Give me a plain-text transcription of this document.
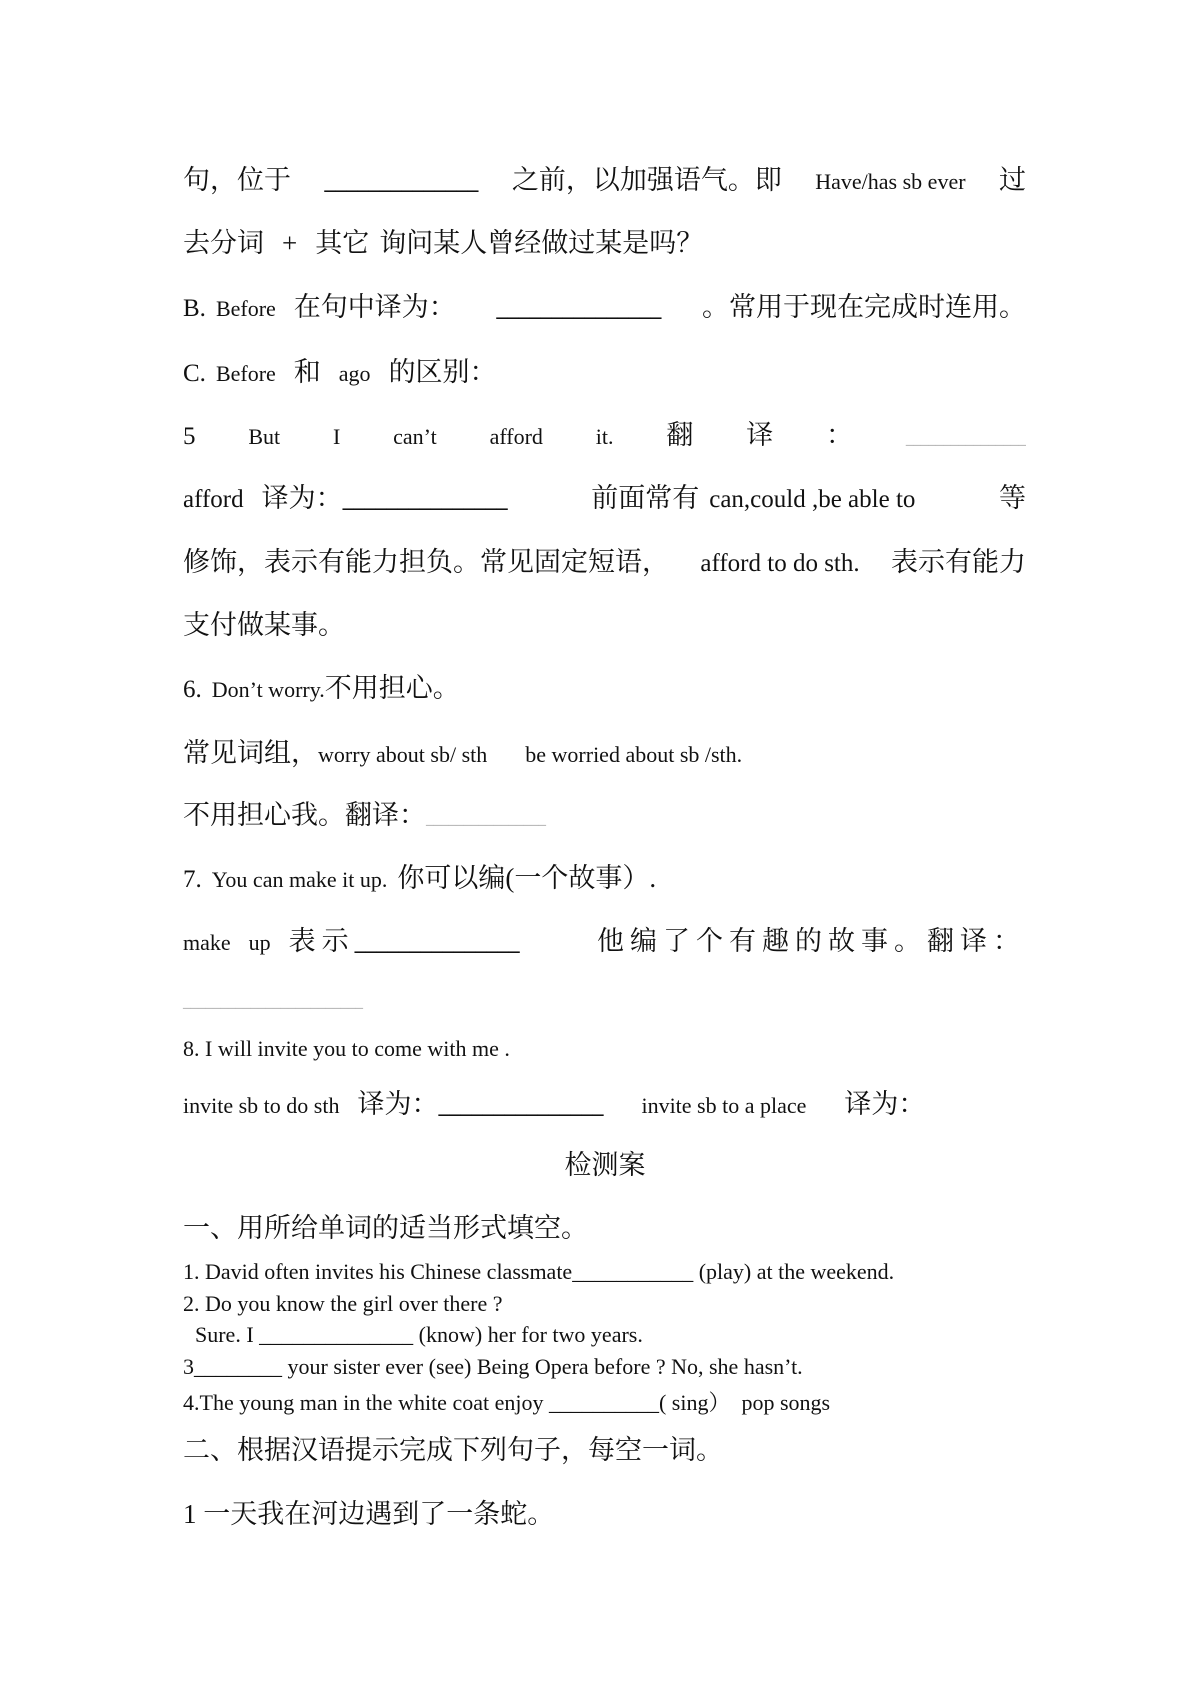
句，位于 ______________ 之前，以加强语气。即 Have/has sb ever 过
去分词 + 其它 询问某人曾经做过某是吗？
B. Before 在句中译为： _______________ 。常用于现在完成时连用。
C. Before 和 ago 的区别：
5 But I can’t afford it. 翻 译 ：	________________
afford 译为： _______________	前面常有 can,could ,be able to	等
修饰，表示有能力担负。常见固定短语， afford to do sth. 表示有能力
支付做某事。
6. Don’t worry. 不用担心。
常见词组， worry about sb/ sth be worried about sb /sth.
不用担心我。翻译： ________________
7. You can make it up. 你可以编(一个故事）.
make up 表示 _______________	他编了个有趣的故事。翻译：
________________________
8. I will invite you to come with me .
invite sb to do sth 译为： _______________ invite sb to a place 译为：
检测案
一、用所给单词的适当形式填空。
1. David often invites his Chinese classmate___________ (play) at the weekend.
2. Do you know the girl over there ?
Sure. I ______________ (know) her for two years.
3________ your sister ever (see) Being Opera before ? No, she hasn’t.
4.The young man in the white coat enjoy __________( sing）  pop songs
二、根据汉语提示完成下列句子，每空一词。
1 一天我在河边遇到了一条蛇。
